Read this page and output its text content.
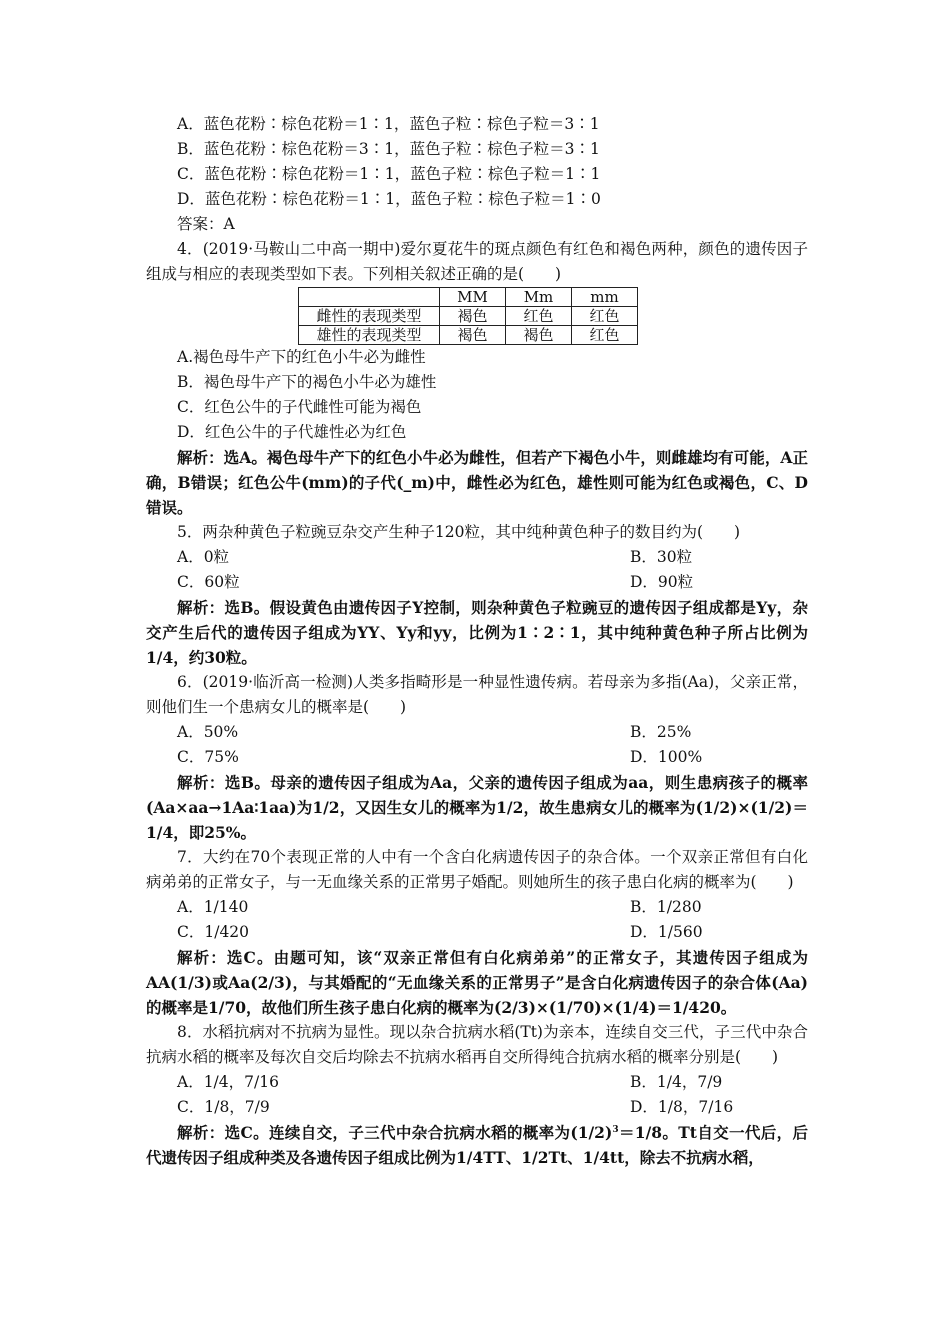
A．蓝色花粉∶棕色花粉＝1∶1，蓝色子粒∶棕色子粒＝3∶1
B．蓝色花粉∶棕色花粉＝3∶1，蓝色子粒∶棕色子粒＝3∶1
C．蓝色花粉∶棕色花粉＝1∶1，蓝色子粒∶棕色子粒＝1∶1
D．蓝色花粉∶棕色花粉＝1∶1，蓝色子粒∶棕色子粒＝1∶0
答案：A
4．(2019·马鞍山二中高一期中)爱尔夏花牛的斑点颜色有红色和褐色两种，颜色的遗传因子组成与相应的表现类型如下表。下列相关叙述正确的是(　　)
	MM	Mm	mm
雌性的表现类型	褐色	红色	红色
雄性的表现类型	褐色	褐色	红色
A.褐色母牛产下的红色小牛必为雌性
B．褐色母牛产下的褐色小牛必为雄性
C．红色公牛的子代雌性可能为褐色
D．红色公牛的子代雄性必为红色
解析：选A。褐色母牛产下的红色小牛必为雌性，但若产下褐色小牛，则雌雄均有可能，A正确，B错误；红色公牛(mm)的子代(_m)中，雌性必为红色，雄性则可能为红色或褐色，C、D错误。
5．两杂种黄色子粒豌豆杂交产生种子120粒，其中纯种黄色种子的数目约为(　　)
A．0粒	B．30粒
C．60粒	D．90粒
解析：选B。假设黄色由遗传因子Y控制，则杂种黄色子粒豌豆的遗传因子组成都是Yy，杂交产生后代的遗传因子组成为YY、Yy和yy，比例为1∶2∶1，其中纯种黄色种子所占比例为1/4，约30粒。
6．(2019·临沂高一检测)人类多指畸形是一种显性遗传病。若母亲为多指(Aa)，父亲正常，则他们生一个患病女儿的概率是(　　)
A．50%	B．25%
C．75%	D．100%
解析：选B。母亲的遗传因子组成为Aa，父亲的遗传因子组成为aa，则生患病孩子的概率(Aa×aa→1Aa∶1aa)为1/2，又因生女儿的概率为1/2，故生患病女儿的概率为(1/2)×(1/2)＝1/4，即25%。
7．大约在70个表现正常的人中有一个含白化病遗传因子的杂合体。一个双亲正常但有白化病弟弟的正常女子，与一无血缘关系的正常男子婚配。则她所生的孩子患白化病的概率为(　　)
A．1/140	B．1/280
C．1/420	D．1/560
解析：选C。由题可知，该“双亲正常但有白化病弟弟”的正常女子，其遗传因子组成为AA(1/3)或Aa(2/3)，与其婚配的“无血缘关系的正常男子”是含白化病遗传因子的杂合体(Aa)的概率是1/70，故他们所生孩子患白化病的概率为(2/3)×(1/70)×(1/4)＝1/420。
8．水稻抗病对不抗病为显性。现以杂合抗病水稻(Tt)为亲本，连续自交三代，子三代中杂合抗病水稻的概率及每次自交后均除去不抗病水稻再自交所得纯合抗病水稻的概率分别是(　　)
A．1/4，7/16	B．1/4，7/9
C．1/8，7/9	D．1/8，7/16
解析：选C。连续自交，子三代中杂合抗病水稻的概率为$(1/2)^3=1/8$。Tt自交一代后，后代遗传因子组成种类及各遗传因子组成比例为1/4TT、1/2Tt、1/4tt，除去不抗病水稻，
